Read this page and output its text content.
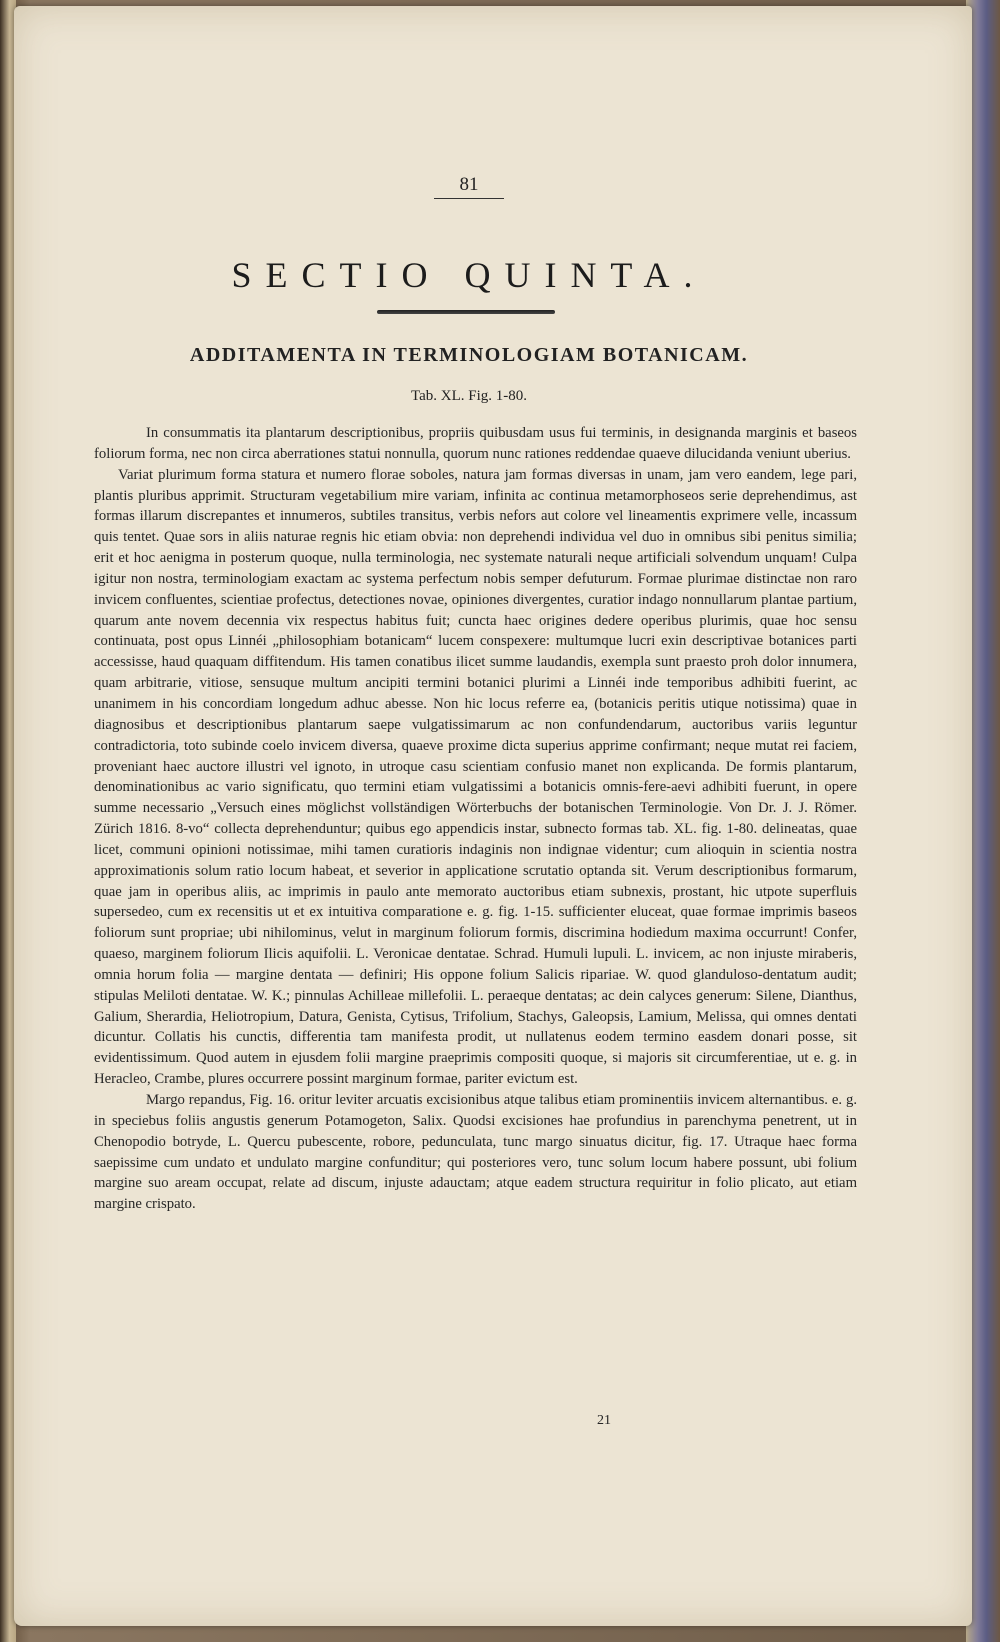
81
SECTIO QUINTA.
ADDITAMENTA IN TERMINOLOGIAM BOTANICAM.
Tab. XL. Fig. 1-80.

In consummatis ita plantarum descriptionibus, propriis quibusdam usus fui terminis, in designanda marginis et baseos foliorum forma, nec non circa aberrationes statui nonnulla, quorum nunc rationes reddendae quaeve dilucidanda veniunt uberius.

Variat plurimum forma statura et numero florae soboles, natura jam formas diversas in unam, jam vero eandem, lege pari, plantis pluribus apprimit. Structuram vegetabilium mire variam, infinita ac continua metamorphoseos serie deprehendimus, ast formas illarum discrepantes et innumeros, subtiles transitus, verbis nefors aut colore vel lineamentis exprimere velle, incassum quis tentet. Quae sors in aliis naturae regnis hic etiam obvia: non deprehendi individua vel duo in omnibus sibi penitus similia; erit et hoc aenigma in posterum quoque, nulla terminologia, nec systemate naturali neque artificiali solvendum unquam! Culpa igitur non nostra, terminologiam exactam ac systema perfectum nobis semper defuturum. Formae plurimae distinctae non raro invicem confluentes, scientiae profectus, detectiones novae, opiniones divergentes, curatior indago nonnullarum plantae partium, quarum ante novem decennia vix respectus habitus fuit; cuncta haec origines dedere operibus plurimis, quae hoc sensu continuata, post opus Linnéi „philosophiam botanicam“ lucem conspexere: multumque lucri exin descriptivae botanices parti accessisse, haud quaquam diffitendum. His tamen conatibus ilicet summe laudandis, exempla sunt praesto proh dolor innumera, quam arbitrarie, vitiose, sensuque multum ancipiti termini botanici plurimi a Linnéi inde temporibus adhibiti fuerint, ac unanimem in his concordiam longedum adhuc abesse. Non hic locus referre ea, (botanicis peritis utique notissima) quae in diagnosibus et descriptionibus plantarum saepe vulgatissimarum ac non confundendarum, auctoribus variis leguntur contradictoria, toto subinde coelo invicem diversa, quaeve proxime dicta superius apprime confirmant; neque mutat rei faciem, proveniant haec auctore illustri vel ignoto, in utroque casu scientiam confusio manet non explicanda. De formis plantarum, denominationibus ac vario significatu, quo termini etiam vulgatissimi a botanicis omnis-fere-aevi adhibiti fuerunt, in opere summe necessario „Versuch eines möglichst vollständigen Wörterbuchs der botanischen Terminologie. Von Dr. J. J. Römer. Zürich 1816. 8-vo“ collecta deprehenduntur; quibus ego appendicis instar, subnecto formas tab. XL. fig. 1-80. delineatas, quae licet, communi opinioni notissimae, mihi tamen curatioris indaginis non indignae videntur; cum alioquin in scientia nostra approximationis solum ratio locum habeat, et severior in applicatione scrutatio optanda sit. Verum descriptionibus formarum, quae jam in operibus aliis, ac imprimis in paulo ante memorato auctoribus etiam subnexis, prostant, hic utpote superfluis supersedeo, cum ex recensitis ut et ex intuitiva comparatione e. g. fig. 1-15. sufficienter eluceat, quae formae imprimis baseos foliorum sunt propriae; ubi nihilominus, velut in marginum foliorum formis, discrimina hodiedum maxima occurrunt! Confer, quaeso, marginem foliorum Ilicis aquifolii. L. Veronicae dentatae. Schrad. Humuli lupuli. L. invicem, ac non injuste miraberis, omnia horum folia — margine dentata — definiri; His oppone folium Salicis ripariae. W. quod glanduloso-dentatum audit; stipulas Meliloti dentatae. W. K.; pinnulas Achilleae millefolii. L. peraeque dentatas; ac dein calyces generum: Silene, Dianthus, Galium, Sherardia, Heliotropium, Datura, Genista, Cytisus, Trifolium, Stachys, Galeopsis, Lamium, Melissa, qui omnes dentati dicuntur. Collatis his cunctis, differentia tam manifesta prodit, ut nullatenus eodem termino easdem donari posse, sit evidentissimum. Quod autem in ejusdem folii margine praeprimis compositi quoque, si majoris sit circumferentiae, ut e. g. in Heracleo, Crambe, plures occurrere possint marginum formae, pariter evictum est.

Margo repandus, Fig. 16. oritur leviter arcuatis excisionibus atque talibus etiam prominentiis invicem alternantibus. e. g. in speciebus foliis angustis generum Potamogeton, Salix. Quodsi excisiones hae profundius in parenchyma penetrent, ut in Chenopodio botryde, L. Quercu pubescente, robore, pedunculata, tunc margo sinuatus dicitur, fig. 17. Utraque haec forma saepissime cum undato et undulato margine confunditur; qui posteriores vero, tunc solum locum habere possunt, ubi folium margine suo aream occupat, relate ad discum, injuste adauctam; atque eadem structura requiritur in folio plicato, aut etiam margine crispato.

21
